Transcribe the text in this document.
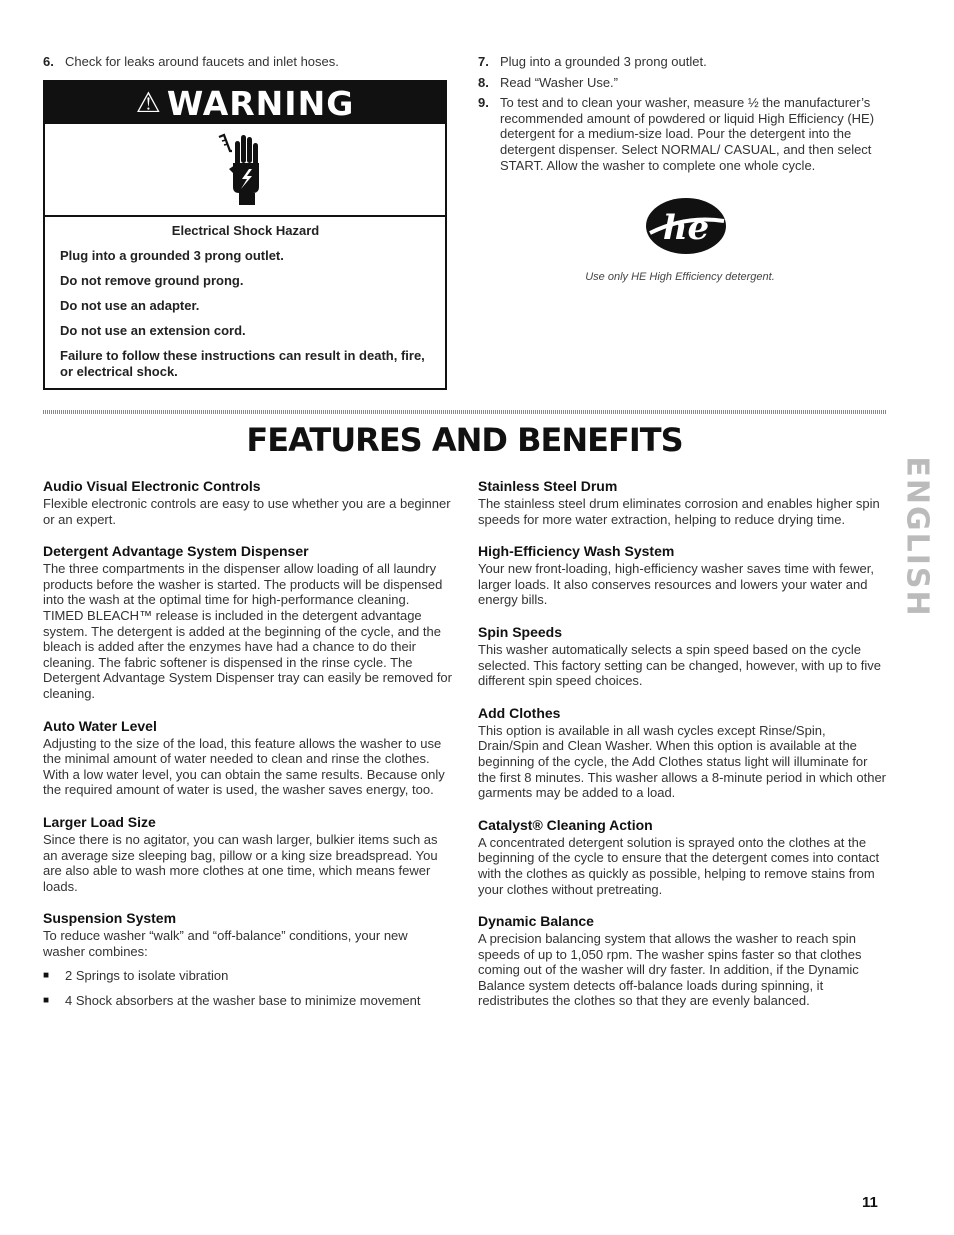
6. Check for leaks around faucets and inlet hoses.	7. Plug into a grounded 3 prong outlet.
8. Read “Washer Use.”
9. To test and to clean your washer, measure ½ the manufacturer’s recommended amount of powdered or liquid High Efficiency (HE) detergent for a medium-size load. Pour the detergent into the detergent dispenser. Select NORMAL/ CASUAL, and then select START. Allow the washer to complete one whole cycle.
⚠ WARNING

Electrical Shock Hazard

Plug into a grounded 3 prong outlet.

Do not remove ground prong.

Do not use an adapter.

Do not use an extension cord.

Failure to follow these instructions can result in death, fire, or electrical shock.

he
Use only HE High Efficiency detergent.
FEATURES AND BENEFITS
ENGLISH
Audio Visual Electronic Controls

Flexible electronic controls are easy to use whether you are a beginner or an expert.

Detergent Advantage System Dispenser

The three compartments in the dispenser allow loading of all laundry products before the washer is started. The products will be dispensed into the wash at the optimal time for high-performance cleaning. TIMED BLEACH™ release is included in the detergent advantage system. The detergent is added at the beginning of the cycle, and the bleach is added after the enzymes have had a chance to do their cleaning. The fabric softener is dispensed in the rinse cycle. The Detergent Advantage System Dispenser tray can easily be removed for cleaning.

Auto Water Level

Adjusting to the size of the load, this feature allows the washer to use the minimal amount of water needed to clean and rinse the clothes. With a low water level, you can obtain the same results. Because only the required amount of water is used, the washer saves energy, too.

Larger Load Size

Since there is no agitator, you can wash larger, bulkier items such as an average size sleeping bag, pillow or a king size breadspread. You are also able to wash more clothes at one time, which means fewer loads.

Suspension System

To reduce washer “walk” and “off-balance” conditions, your new washer combines:

■	2 Springs to isolate vibration
■	4 Shock absorbers at the washer base to minimize movement
Stainless Steel Drum

The stainless steel drum eliminates corrosion and enables higher spin speeds for more water extraction, helping to reduce drying time.

High-Efficiency Wash System

Your new front-loading, high-efficiency washer saves time with fewer, larger loads. It also conserves resources and lowers your water and energy bills.

Spin Speeds

This washer automatically selects a spin speed based on the cycle selected. This factory setting can be changed, however, with up to five different spin speed choices.

Add Clothes

This option is available in all wash cycles except Rinse/Spin, Drain/Spin and Clean Washer. When this option is available at the beginning of the cycle, the Add Clothes status light will illuminate for the first 8 minutes. This washer allows a 8-minute period in which other garments may be added to a load.

Catalyst® Cleaning Action

A concentrated detergent solution is sprayed onto the clothes at the beginning of the cycle to ensure that the detergent comes into contact with the clothes as quickly as possible, helping to remove stains from your clothes without pretreating.

Dynamic Balance

A precision balancing system that allows the washer to reach spin speeds of up to 1,050 rpm. The washer spins faster so that clothes coming out of the washer will dry faster. In addition, if the Dynamic Balance system detects off-balance loads during spinning, it redistributes the clothes so that they are evenly balanced.

11
